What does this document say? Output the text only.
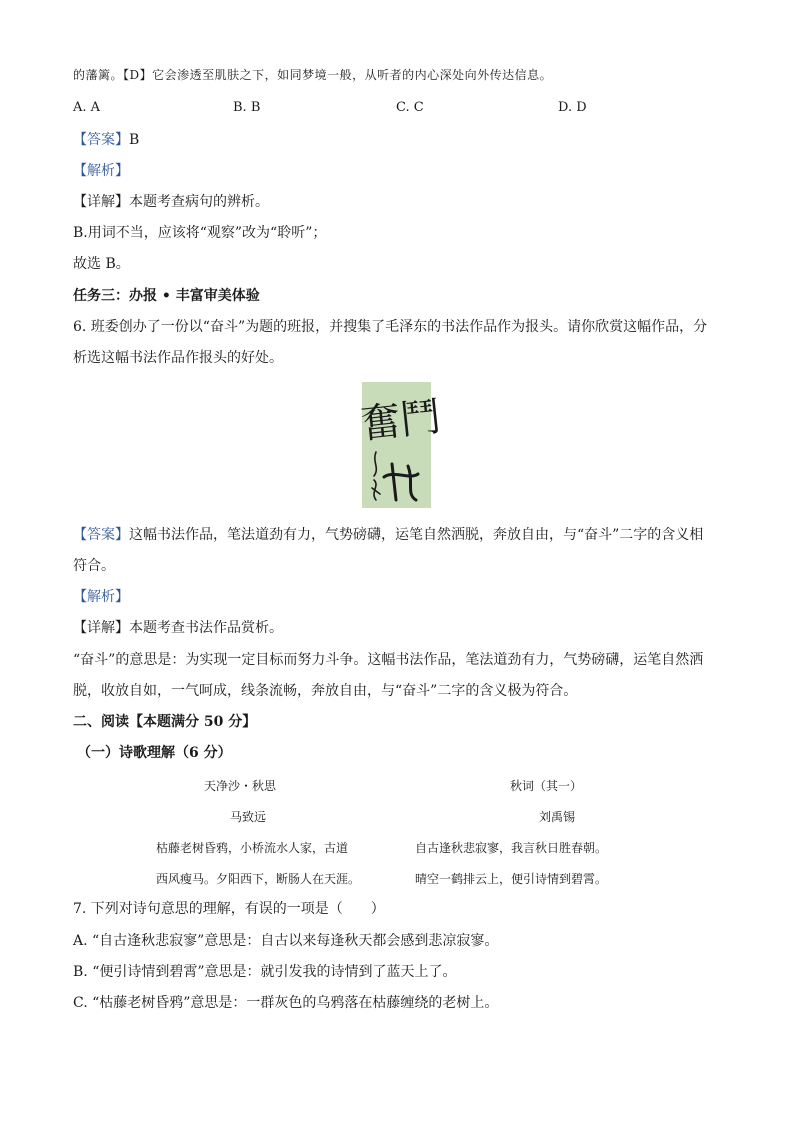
的藩篱。【D】它会渗透至肌肤之下，如同梦境一般，从听者的内心深处向外传达信息。
A. A	B. B	C. C	D. D
【答案】B
【解析】
【详解】本题考查病句的辨析。
B.用词不当，应该将“观察”改为“聆听”；
故选 B。
任务三：办报 • 丰富审美体验
6. 班委创办了一份以“奋斗”为题的班报，并搜集了毛泽东的书法作品作为报头。请你欣赏这幅作品，分
析选这幅书法作品作报头的好处。
奮鬥
【答案】这幅书法作品，笔法道劲有力，气势磅礴，运笔自然洒脱，奔放自由，与“奋斗”二字的含义相
符合。
【解析】
【详解】本题考查书法作品赏析。
“奋斗”的意思是：为实现一定目标而努力斗争。这幅书法作品，笔法道劲有力，气势磅礴，运笔自然洒
脱，收放自如，一气呵成，线条流畅，奔放自由，与“奋斗”二字的含义极为符合。
二、阅读【本题满分 50 分】
（一）诗歌理解（6 分）
天净沙・秋思
马致远
枯藤老树昏鸦，小桥流水人家，古道
西风瘦马。夕阳西下，断肠人在天涯。
秋词（其一）
刘禹锡
自古逢秋悲寂寥，我言秋日胜春朝。
晴空一鹤排云上，便引诗情到碧霄。
7. 下列对诗句意思的理解，有误的一项是（　　）
A. “自古逢秋悲寂寥”意思是：自古以来每逢秋天都会感到悲凉寂寥。
B. “便引诗情到碧霄”意思是：就引发我的诗情到了蓝天上了。
C. “枯藤老树昏鸦”意思是：一群灰色的乌鸦落在枯藤缠绕的老树上。
